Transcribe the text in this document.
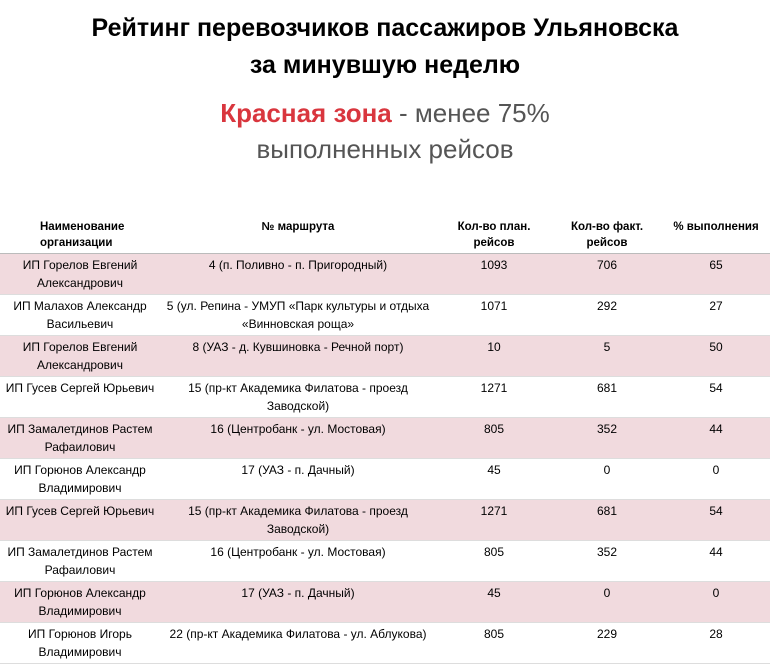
Рейтинг перевозчиков пассажиров Ульяновска
за минувшую неделю
Красная зона - менее 75%
выполненных рейсов
Наименование организации	№ маршрута	Кол-во план. рейсов	Кол-во факт. рейсов	% выполнения
ИП Горелов Евгений Александрович	4 (п. Поливно - п. Пригородный)	1093	706	65
ИП Малахов Александр Васильевич	5 (ул. Репина - УМУП «Парк культуры и отдыха «Винновская роща»	1071	292	27
ИП Горелов Евгений Александрович	8 (УАЗ - д. Кувшиновка - Речной порт)	10	5	50
ИП Гусев Сергей Юрьевич	15 (пр-кт Академика Филатова - проезд Заводской)	1271	681	54
ИП Замалетдинов Растем Рафаилович	16 (Центробанк - ул. Мостовая)	805	352	44
ИП Горюнов Александр Владимирович	17 (УАЗ - п. Дачный)	45	0	0
ИП Гусев Сергей Юрьевич	15 (пр-кт Академика Филатова - проезд Заводской)	1271	681	54
ИП Замалетдинов Растем Рафаилович	16 (Центробанк - ул. Мостовая)	805	352	44
ИП Горюнов Александр Владимирович	17 (УАЗ - п. Дачный)	45	0	0
ИП Горюнов Игорь Владимирович	22 (пр-кт Академика Филатова - ул. Аблукова)	805	229	28
